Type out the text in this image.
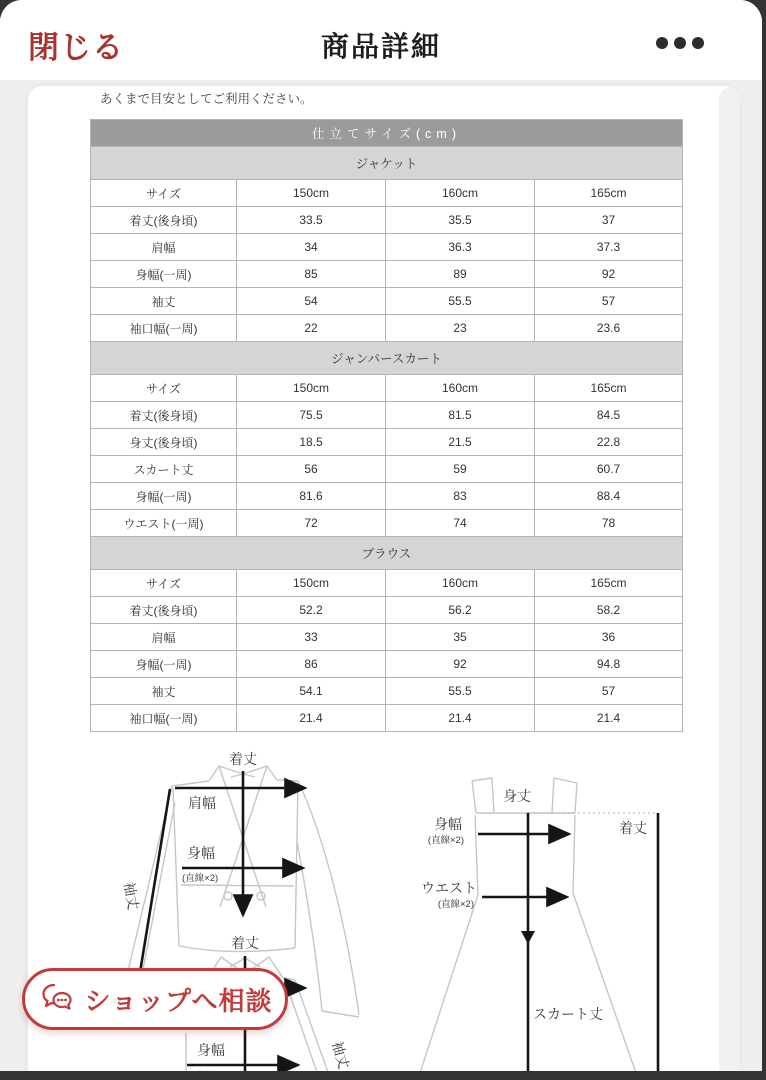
閉じる	商品詳細
あくまで目安としてご利用ください。
仕立てサイズ(cm)			
ジャケット			
サイズ	150cm	160cm	165cm
着丈(後身頃)	33.5	35.5	37
肩幅	34	36.3	37.3
身幅(一周)	85	89	92
袖丈	54	55.5	57
袖口幅(一周)	22	23	23.6
ジャンパースカート			
サイズ	150cm	160cm	165cm
着丈(後身頃)	75.5	81.5	84.5
身丈(後身頃)	18.5	21.5	22.8
スカート丈	56	59	60.7
身幅(一周)	81.6	83	88.4
ウエスト(一周)	72	74	78
ブラウス			
サイズ	150cm	160cm	165cm
着丈(後身頃)	52.2	56.2	58.2
肩幅	33	35	36
身幅(一周)	86	92	94.8
袖丈	54.1	55.5	57
袖口幅(一周)	21.4	21.4	21.4
着丈
肩幅
身幅
(直線×2)
袖丈
着丈
身幅
(直線×2)
袖丈
身丈
身幅
(直線×2)
着丈
ウエスト
(直線×2)
スカート丈
ショップへ相談
